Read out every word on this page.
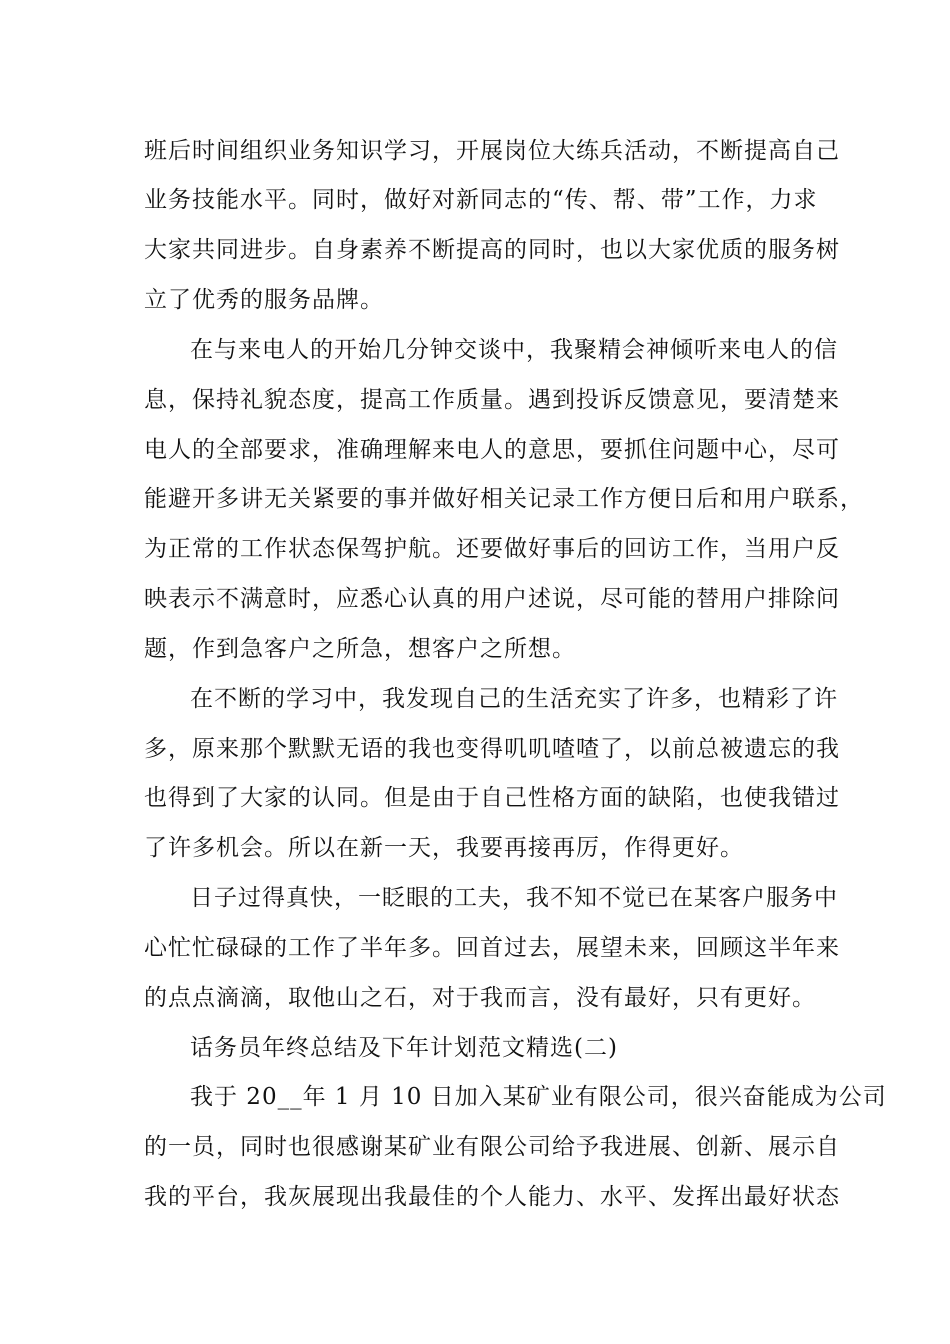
班后时间组织业务知识学习，开展岗位大练兵活动，不断提高自己
业务技能水平。同时，做好对新同志的“传、帮、带”工作，力求
大家共同进步。自身素养不断提高的同时，也以大家优质的服务树
立了优秀的服务品牌。
在与来电人的开始几分钟交谈中，我聚精会神倾听来电人的信
息，保持礼貌态度，提高工作质量。遇到投诉反馈意见，要清楚来
电人的全部要求，准确理解来电人的意思，要抓住问题中心，尽可
能避开多讲无关紧要的事并做好相关记录工作方便日后和用户联系，
为正常的工作状态保驾护航。还要做好事后的回访工作，当用户反
映表示不满意时，应悉心认真的用户述说，尽可能的替用户排除问
题，作到急客户之所急，想客户之所想。
在不断的学习中，我发现自己的生活充实了许多，也精彩了许
多，原来那个默默无语的我也变得叽叽喳喳了，以前总被遗忘的我
也得到了大家的认同。但是由于自己性格方面的缺陷，也使我错过
了许多机会。所以在新一天，我要再接再厉，作得更好。
日子过得真快，一眨眼的工夫，我不知不觉已在某客户服务中
心忙忙碌碌的工作了半年多。回首过去，展望未来，回顾这半年来
的点点滴滴，取他山之石，对于我而言，没有最好，只有更好。
话务员年终总结及下年计划范文精选(二)
我于 20__年 1 月 10 日加入某矿业有限公司，很兴奋能成为公司
的一员，同时也很感谢某矿业有限公司给予我进展、创新、展示自
我的平台，我灰展现出我最佳的个人能力、水平、发挥出最好状态
